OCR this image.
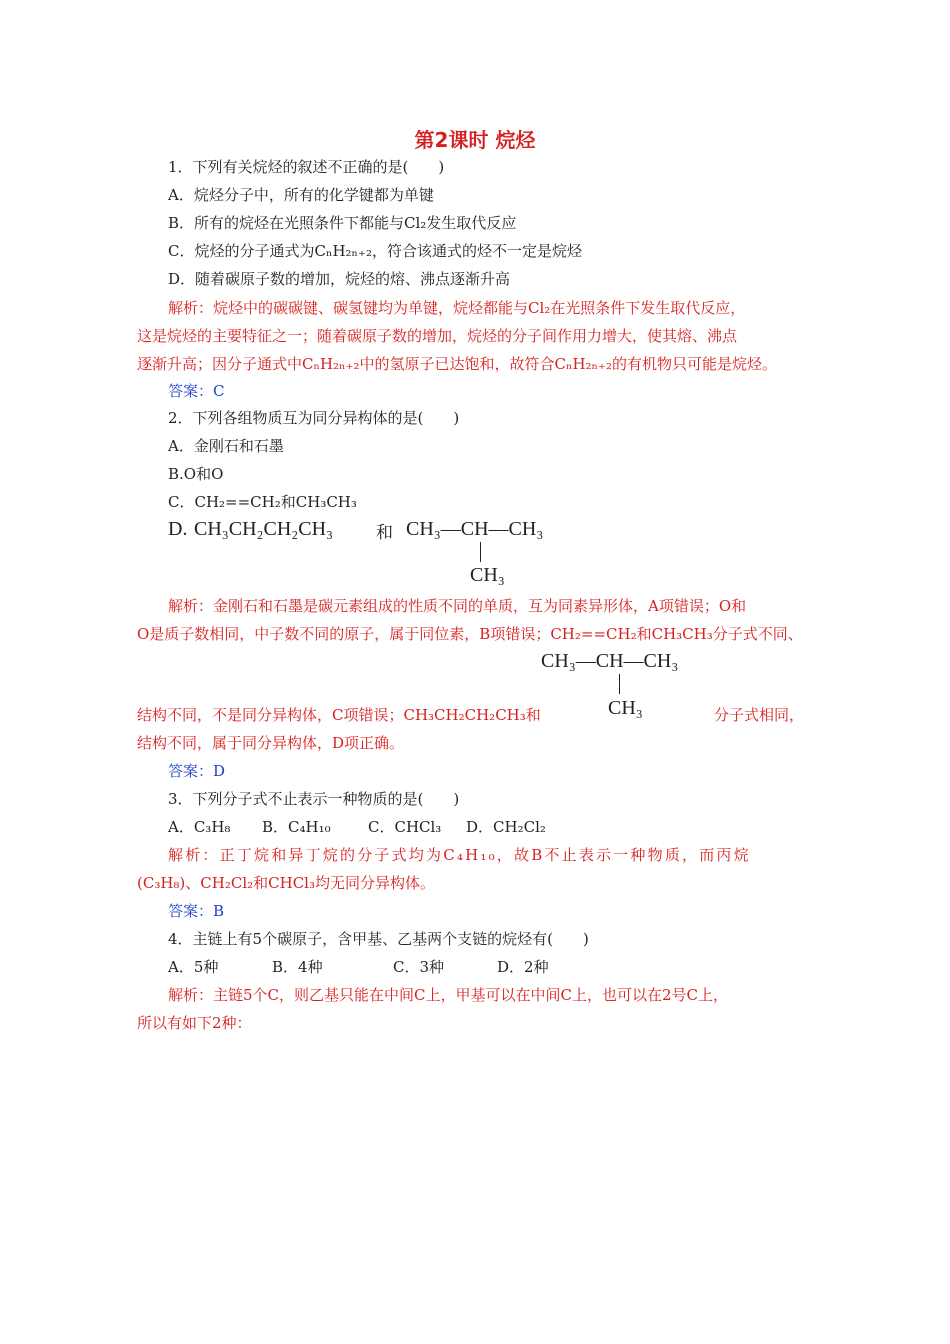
第2课时 烷烃
1．下列有关烷烃的叙述不正确的是(　　)
A．烷烃分子中，所有的化学键都为单键
B．所有的烷烃在光照条件下都能与Cl₂发生取代反应
C．烷烃的分子通式为CₙH₂ₙ₊₂，符合该通式的烃不一定是烷烃
D．随着碳原子数的增加，烷烃的熔、沸点逐渐升高
解析：烷烃中的碳碳键、碳氢键均为单键，烷烃都能与Cl₂在光照条件下发生取代反应，
这是烷烃的主要特征之一；随着碳原子数的增加，烷烃的分子间作用力增大，使其熔、沸点
逐渐升高；因分子通式中CₙH₂ₙ₊₂中的氢原子已达饱和，故符合CₙH₂ₙ₊₂的有机物只可能是烷烃。
答案：C
2．下列各组物质互为同分异构体的是(　　)
A．金刚石和石墨
B.O和O
C．CH₂==CH₂和CH₃CH₃
D. CH₃CH₂CH₂CH₃	和 CH₃—CH—CH₃
CH₃
解析：金刚石和石墨是碳元素组成的性质不同的单质，互为同素异形体，A项错误；O和
O是质子数相同，中子数不同的原子，属于同位素，B项错误；CH₂==CH₂和CH₃CH₃分子式不同、
CH₃—CH—CH₃
CH₃
结构不同，不是同分异构体，C项错误；CH₃CH₂CH₂CH₃和	分子式相同，
结构不同，属于同分异构体，D项正确。
答案：D
3．下列分子式不止表示一种物质的是(　　)
A．C₃H₈ B．C₄H₁₀ C．CHCl₃ D．CH₂Cl₂
解析：正丁烷和异丁烷的分子式均为C₄H₁₀，故B不止表示一种物质，而丙烷
(C₃H₈)、CH₂Cl₂和CHCl₃均无同分异构体。
答案：B
4．主链上有5个碳原子，含甲基、乙基两个支链的烷烃有(　　)
A．5种	B．4种	C．3种	D．2种
解析：主链5个C，则乙基只能在中间C上，甲基可以在中间C上，也可以在2号C上，
所以有如下2种：
